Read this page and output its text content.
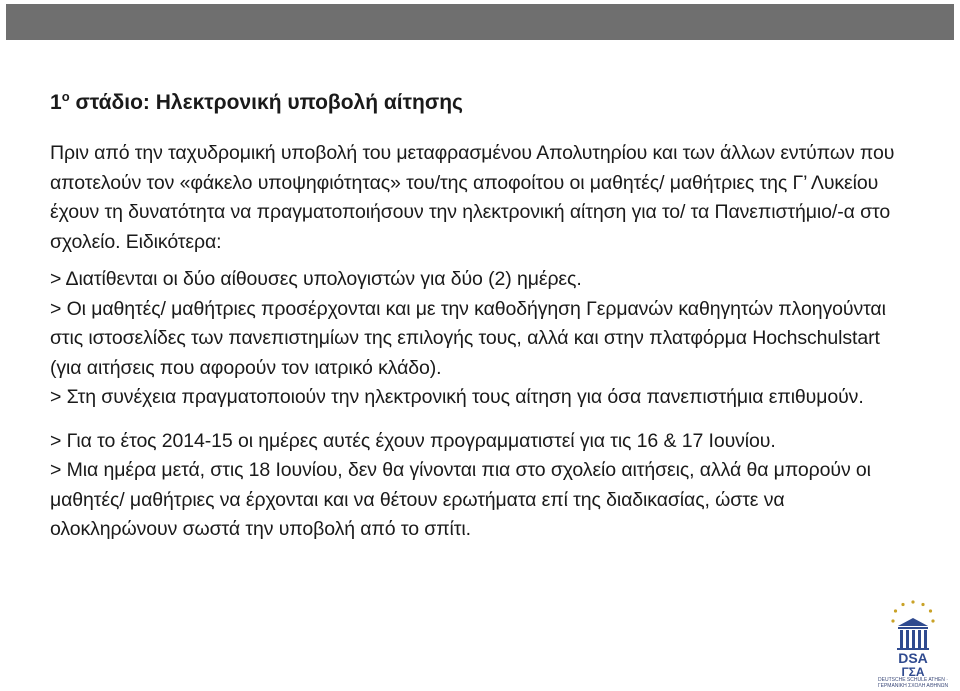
$1^o$ στάδιο: Ηλεκτρονική υποβολή αίτησης

Πριν από την ταχυδρομική υποβολή του μεταφρασμένου Απολυτηρίου και των άλλων εντύπων που αποτελούν τον «φάκελο υποψηφιότητας» του/της αποφοίτου οι μαθητές/ μαθήτριες της Γ’ Λυκείου έχουν τη δυνατότητα να πραγματοποιήσουν την ηλεκτρονική αίτηση για το/ τα Πανεπιστήμιο/-α στο σχολείο. Ειδικότερα:

> Διατίθενται οι δύο αίθουσες υπολογιστών για δύο (2) ημέρες.

> Οι μαθητές/ μαθήτριες προσέρχονται και με την καθοδήγηση Γερμανών καθηγητών πλοηγούνται στις ιστοσελίδες των πανεπιστημίων της επιλογής τους, αλλά και στην πλατφόρμα Hochschulstart (για αιτήσεις που αφορούν τον ιατρικό κλάδο).

> Στη συνέχεια πραγματοποιούν την ηλεκτρονική τους αίτηση για όσα πανεπιστήμια επιθυμούν.

> Για το έτος 2014-15 οι ημέρες αυτές έχουν προγραμματιστεί για τις 16 & 17 Ιουνίου.

> Μια ημέρα μετά, στις 18 Ιουνίου, δεν θα γίνονται πια στο σχολείο αιτήσεις, αλλά θα μπορούν οι μαθητές/ μαθήτριες να έρχονται και να θέτουν ερωτήματα επί της διαδικασίας, ώστε να ολοκληρώνουν σωστά την υποβολή από το σπίτι.

DSA
ΓΣΑ
DEUTSCHE SCHULE ATHEN · ΓΕΡΜΑΝΙΚΗ ΣΧΟΛΗ ΑΘΗΝΩΝ
